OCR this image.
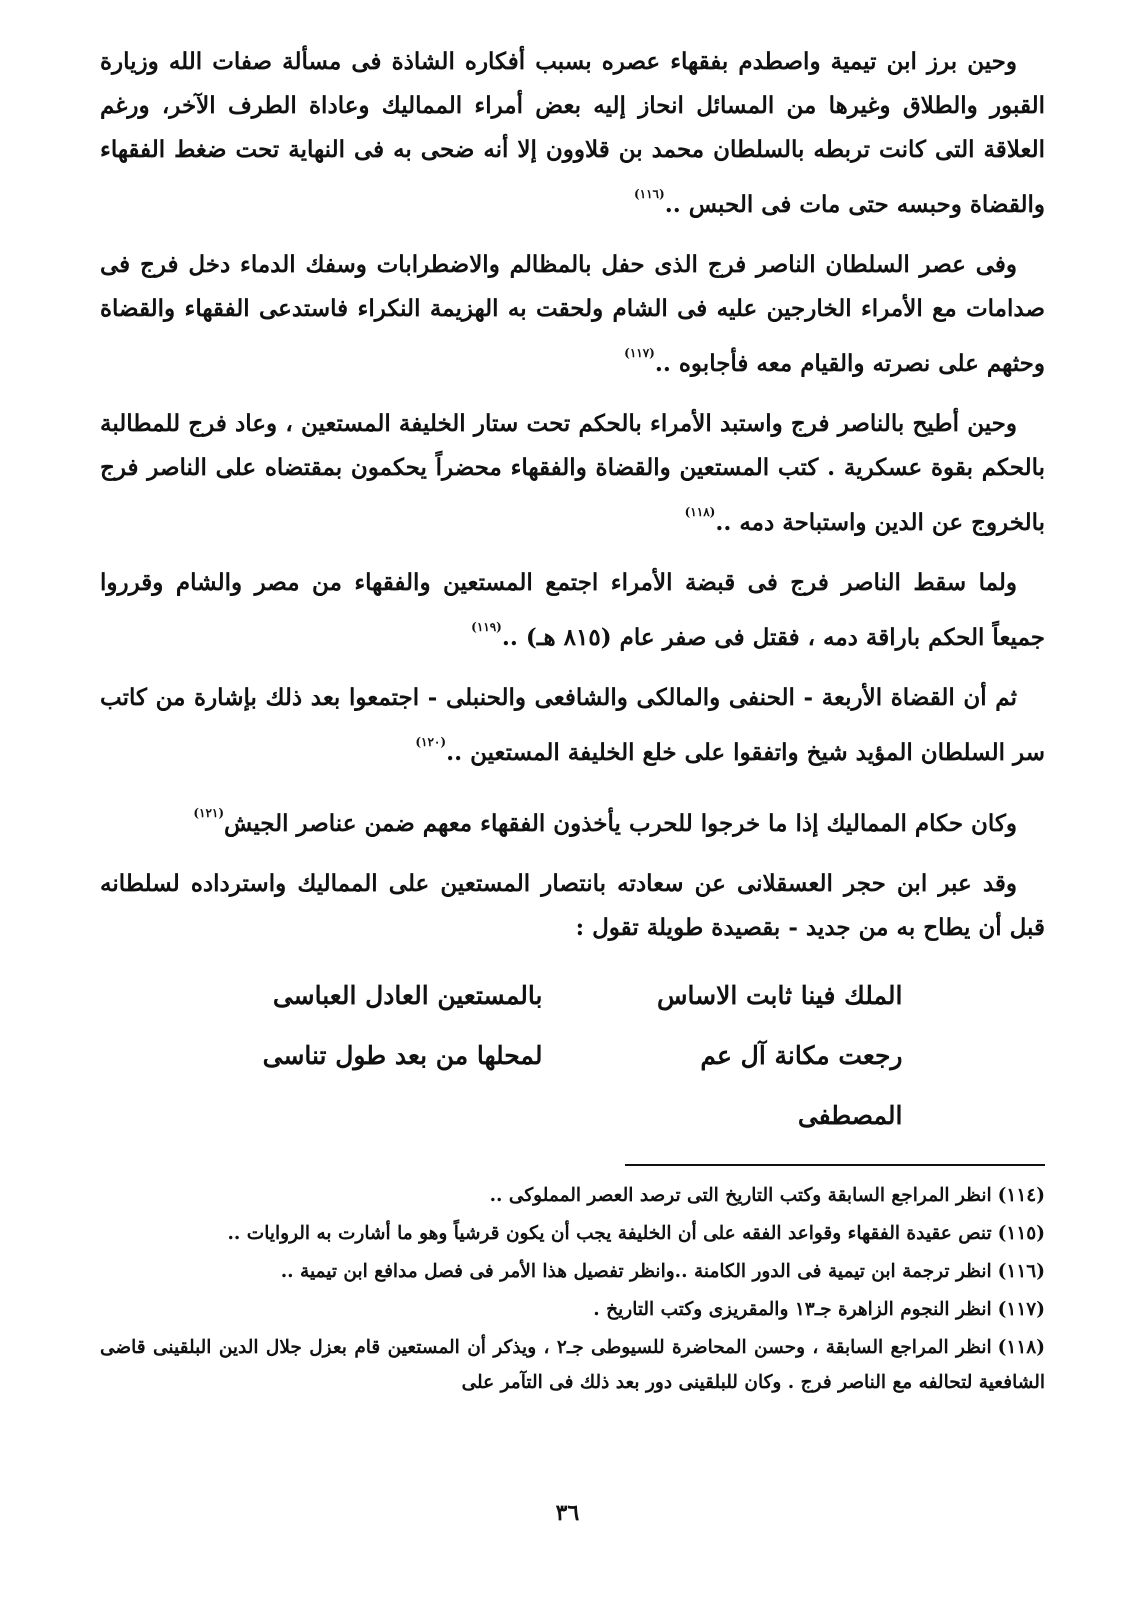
وحين برز ابن تيمية واصطدم بفقهاء عصره بسبب أفكاره الشاذة فى مسألة صفات الله وزيارة القبور والطلاق وغيرها من المسائل انحاز إليه بعض أمراء المماليك وعاداة الطرف الآخر، ورغم العلاقة التى كانت تربطه بالسلطان محمد بن قلاوون إلا أنه ضحى به فى النهاية تحت ضغط الفقهاء والقضاة وحبسه حتى مات فى الحبس ..$^{(١١٦)}$

وفى عصر السلطان الناصر فرج الذى حفل بالمظالم والاضطرابات وسفك الدماء دخل فرج فى صدامات مع الأمراء الخارجين عليه فى الشام ولحقت به الهزيمة النكراء فاستدعى الفقهاء والقضاة وحثهم على نصرته والقيام معه فأجابوه ..$^{(١١٧)}$

وحين أطيح بالناصر فرج واستبد الأمراء بالحكم تحت ستار الخليفة المستعين ، وعاد فرج للمطالبة بالحكم بقوة عسكرية . كتب المستعين والقضاة والفقهاء محضراً يحكمون بمقتضاه على الناصر فرج بالخروج عن الدين واستباحة دمه ..$^{(١١٨)}$

ولما سقط الناصر فرج فى قبضة الأمراء اجتمع المستعين والفقهاء من مصر والشام وقرروا جميعاً الحكم باراقة دمه ، فقتل فى صفر عام (٨١٥ هـ) ..$^{(١١٩)}$

ثم أن القضاة الأربعة - الحنفى والمالكى والشافعى والحنبلى - اجتمعوا بعد ذلك بإشارة من كاتب سر السلطان المؤيد شيخ واتفقوا على خلع الخليفة المستعين ..$^{(١٢٠)}$

وكان حكام المماليك إذا ما خرجوا للحرب يأخذون الفقهاء معهم ضمن عناصر الجيش$^{(١٢١)}$

وقد عبر ابن حجر العسقلانى عن سعادته بانتصار المستعين على المماليك واسترداده لسلطانه قبل أن يطاح به من جديد - بقصيدة طويلة تقول :

الملك فينا ثابت الاساس
بالمستعين العادل العباسى
رجعت مكانة آل عم المصطفى
لمحلها من بعد طول تناسى

(١١٤)انظر المراجع السابقة وكتب التاريخ التى ترصد العصر المملوكى ..

(١١٥)تنص عقيدة الفقهاء وقواعد الفقه على أن الخليفة يجب أن يكون قرشياً وهو ما أشارت به الروايات ..

(١١٦)انظر ترجمة ابن تيمية فى الدور الكامنة ..وانظر تفصيل هذا الأمر فى فصل مدافع ابن تيمية ..

(١١٧)انظر النجوم الزاهرة جـ١٣ والمقريزى وكتب التاريخ .

(١١٨)انظر المراجع السابقة ، وحسن المحاضرة للسيوطى جـ٢ ، ويذكر أن المستعين قام بعزل جلال الدين البلقينى قاضى الشافعية لتحالفه مع الناصر فرج . وكان للبلقينى دور بعد ذلك فى التآمر على

٣٦
